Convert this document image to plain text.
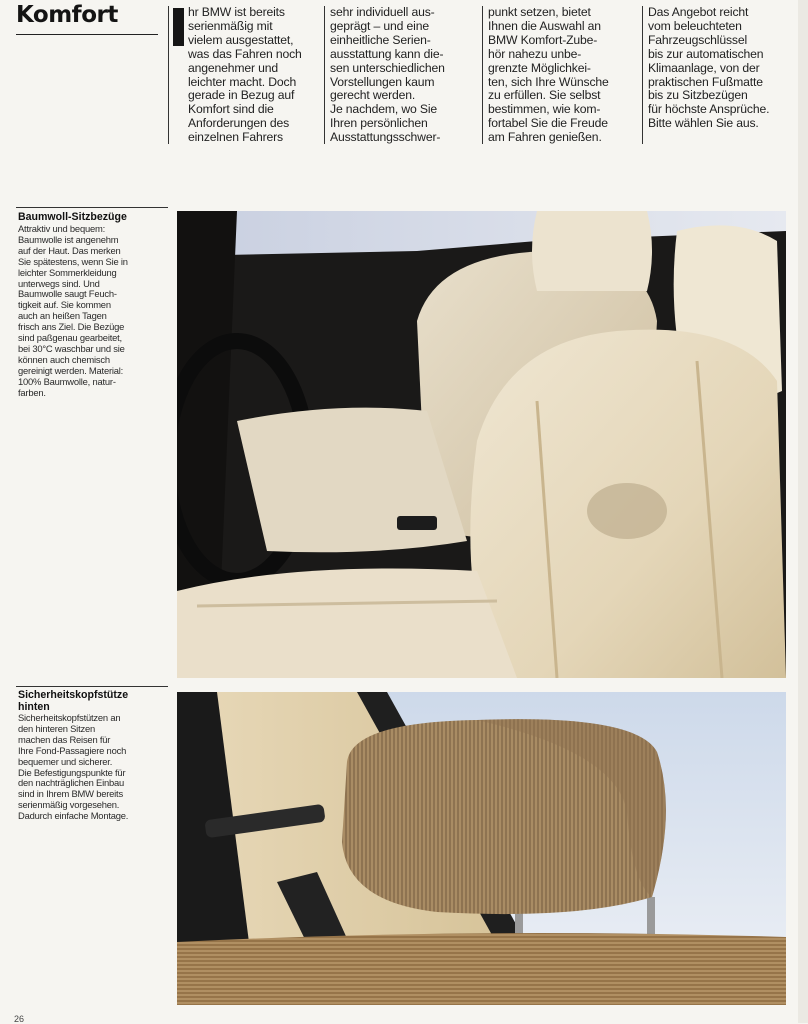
Komfort	hr BMW ist bereits
serienmäßig mit
vielem ausgestattet,
was das Fahren noch
angenehmer und
leichter macht. Doch
gerade in Bezug auf
Komfort sind die
Anforderungen des
einzelnen Fahrers
sehr individuell aus-
geprägt – und eine
einheitliche Serien-
ausstattung kann die-
sen unterschiedlichen
Vorstellungen kaum
gerecht werden.
Je nachdem, wo Sie
Ihren persönlichen
Ausstattungsschwer-
punkt setzen, bietet
Ihnen die Auswahl an
BMW Komfort-Zube-
hör nahezu unbe-
grenzte Möglichkei-
ten, sich Ihre Wünsche
zu erfüllen. Sie selbst
bestimmen, wie kom-
fortabel Sie die Freude
am Fahren genießen.
Das Angebot reicht
vom beleuchteten
Fahrzeugschlüssel
bis zur automatischen
Klimaanlage, von der
praktischen Fußmatte
bis zu Sitzbezügen
für höchste Ansprüche.
Bitte wählen Sie aus.
Baumwoll-Sitzbezüge
Attraktiv und bequem:
Baumwolle ist angenehm
auf der Haut. Das merken
Sie spätestens, wenn Sie in
leichter Sommerkleidung
unterwegs sind. Und
Baumwolle saugt Feuch-
tigkeit auf. Sie kommen
auch an heißen Tagen
frisch ans Ziel. Die Bezüge
sind paßgenau gearbeitet,
bei 30°C waschbar und sie
können auch chemisch
gereinigt werden. Material:
100% Baumwolle, natur-
farben.
Sicherheitskopfstütze
hinten
Sicherheitskopfstützen an
den hinteren Sitzen
machen das Reisen für
Ihre Fond-Passagiere noch
bequemer und sicherer.
Die Befestigungspunkte für
den nachträglichen Einbau
sind in Ihrem BMW bereits
serienmäßig vorgesehen.
Dadurch einfache Montage.
26
